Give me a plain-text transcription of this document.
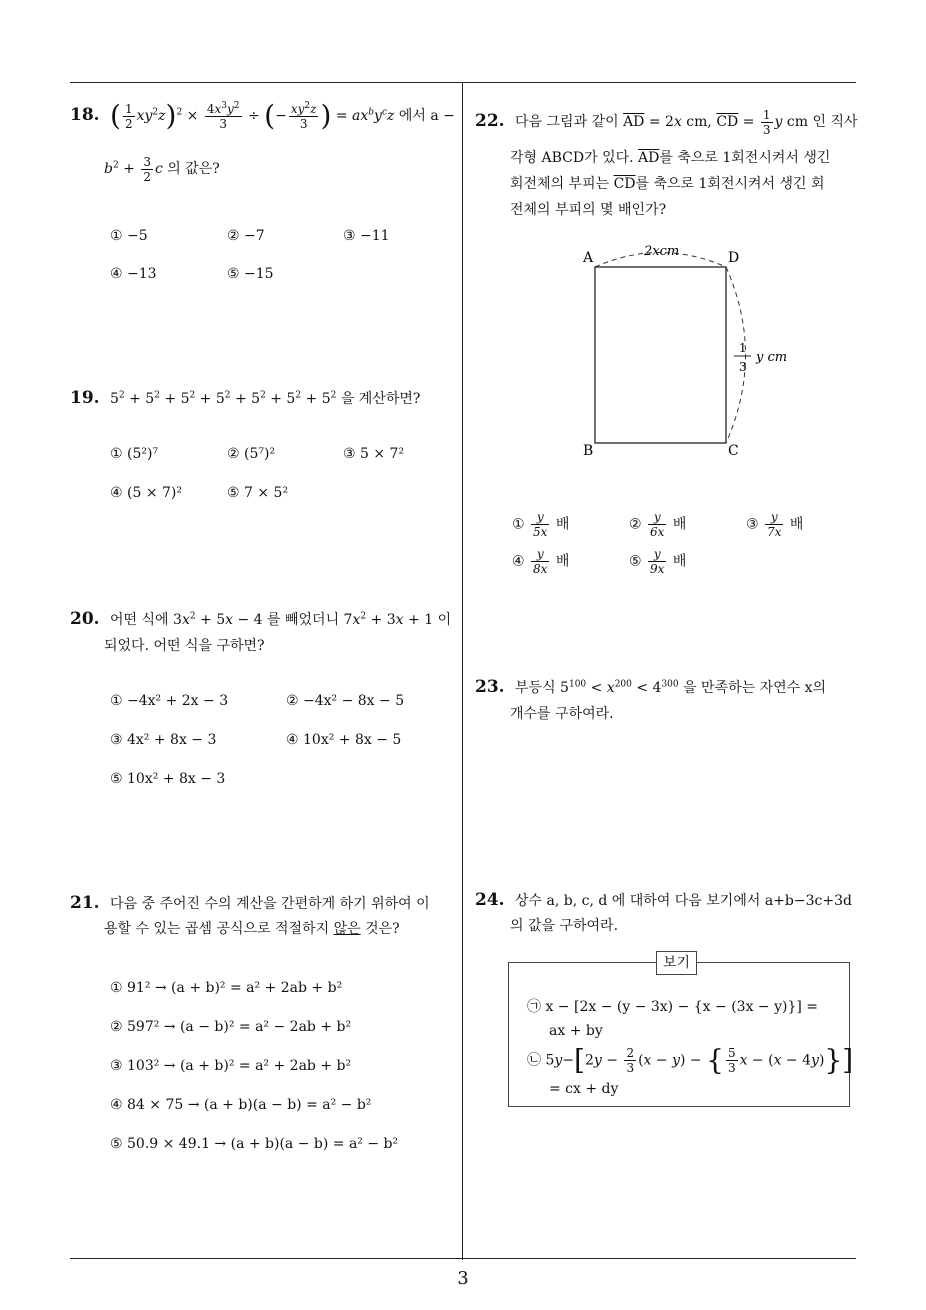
18. ( $\frac{1}{2} xy^2z)^2 \times \frac{4x^3y^2}{3}$ ÷ (− $\frac{xy^2z}{3}$ ) = $ax^by^cz$ 에서 a −
$b^2 + \frac{3}{2}$ c 의 값은?
① −5	② −7	③ −11
④ −13	⑤ −15
19. $5^2 + 5^2 + 5^2 + 5^2 + 5^2 + 5^2 + 5^2$ 을 계산하면?
① (5²)⁷	② (5⁷)²	③ 5 × 7²
④ (5 × 7)²	⑤ 7 × 5²
20. 어떤 식에 $3x^2 + 5x - 4$ 를 빼었더니 $7x^2 + 3x + 1$ 이
되었다. 어떤 식을 구하면?
① −4x² + 2x − 3	② −4x² − 8x − 5
③ 4x² + 8x − 3	④ 10x² + 8x − 5
⑤ 10x² + 8x − 3
21. 다음 중 주어진 수의 계산을 간편하게 하기 위하여 이
용할 수 있는 곱셈 공식으로 적절하지 않은 것은?
① 91² → (a + b)² = a² + 2ab + b²
② 597² → (a − b)² = a² − 2ab + b²
③ 103² → (a + b)² = a² + 2ab + b²
④ 84 × 75 → (a + b)(a − b) = a² − b²
⑤ 50.9 × 49.1 → (a + b)(a − b) = a² − b²
22. 다음 그림과 같이 $\overline{AD} = 2x$ cm, $\overline{CD} = \frac{1}{3}$ y cm 인 직사
각형 ABCD가 있다. $\overline{AD}$를 축으로 1회전시켜서 생긴
회전체의 부피는 $\overline{CD}$를 축으로 1회전시켜서 생긴 회
전체의 부피의 몇 배인가?
A	D
B	C
2xcm
1
3
y cm
① $\frac{y}{5x}$ 배	② $\frac{y}{6x}$ 배	③ $\frac{y}{7x}$ 배
④ $\frac{y}{8x}$ 배	⑤ $\frac{y}{9x}$ 배
23. 부등식 $5^{100} < x^{200} < 4^{300}$ 을 만족하는 자연수 x의
개수를 구하여라.
24. 상수 a, b, c, d 에 대하여 다음 보기에서 a+b−3c+3d
의 값을 구하여라.
보기
㉠ x − [2x − (y − 3x) − {x − (3x − y)}] =
ax + by
㉡ $5y-[2y - \frac{2}{3} (x - y)$ − { $\frac{5}{3}$ x − (x − 4y)}]
= cx + dy
3
